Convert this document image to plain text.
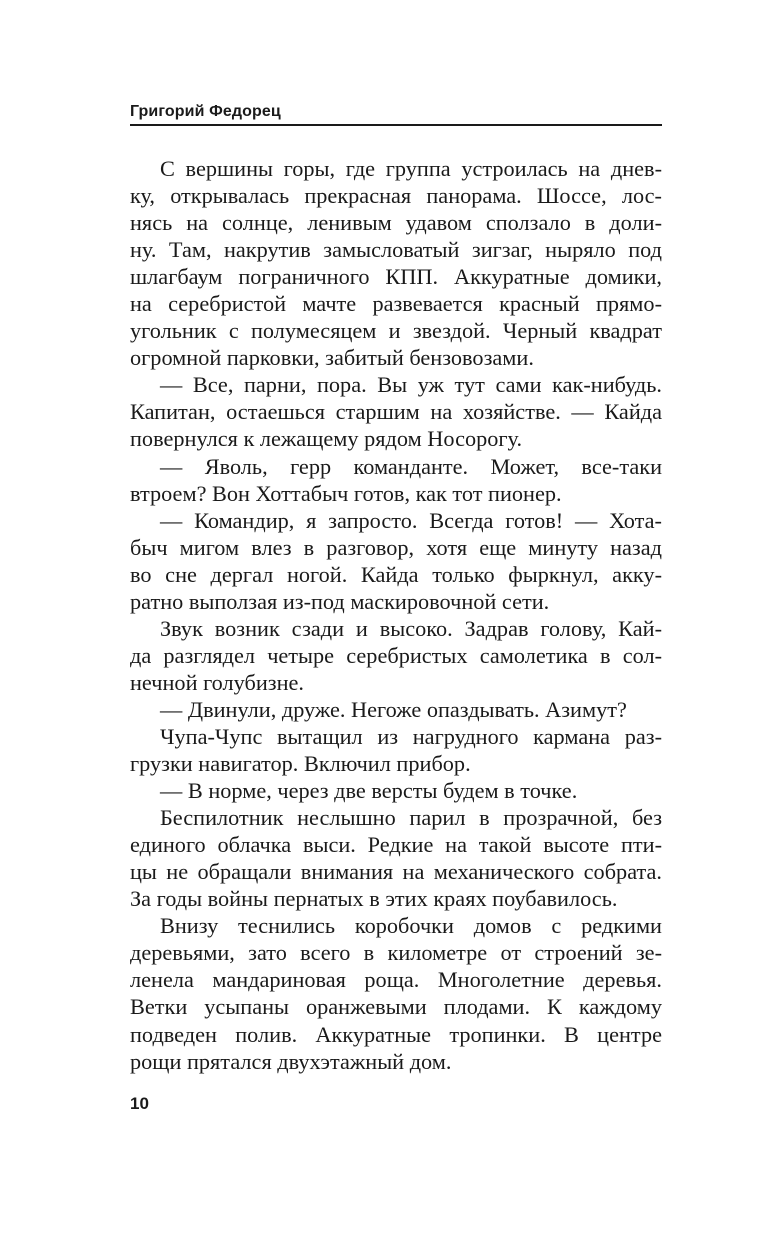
Григорий Федорец
С вершины горы, где группа устроилась на днев-
ку, открывалась прекрасная панорама. Шоссе, лос-
нясь на солнце, ленивым удавом сползало в доли-
ну. Там, накрутив замысловатый зигзаг, ныряло под
шлагбаум пограничного КПП. Аккуратные домики,
на серебристой мачте развевается красный прямо-
угольник с полумесяцем и звездой. Черный квадрат
огромной парковки, забитый бензовозами.
— Все, парни, пора. Вы уж тут сами как-нибудь.
Капитан, остаешься старшим на хозяйстве. — Кайда
повернулся к лежащему рядом Носорогу.
— Яволь, герр команданте. Может, все-таки
втроем? Вон Хоттабыч готов, как тот пионер.
— Командир, я запросто. Всегда готов! — Хота-
быч мигом влез в разговор, хотя еще минуту назад
во сне дергал ногой. Кайда только фыркнул, акку-
ратно выползая из-под маскировочной сети.
Звук возник сзади и высоко. Задрав голову, Кай-
да разглядел четыре серебристых самолетика в сол-
нечной голубизне.
— Двинули, друже. Негоже опаздывать. Азимут?
Чупа-Чупс вытащил из нагрудного кармана раз-
грузки навигатор. Включил прибор.
— В норме, через две версты будем в точке.
Беспилотник неслышно парил в прозрачной, без
единого облачка выси. Редкие на такой высоте пти-
цы не обращали внимания на механического собрата.
За годы войны пернатых в этих краях поубавилось.
Внизу теснились коробочки домов с редкими
деревьями, зато всего в километре от строений зе-
ленела мандариновая роща. Многолетние деревья.
Ветки усыпаны оранжевыми плодами. К каждому
подведен полив. Аккуратные тропинки. В центре
рощи прятался двухэтажный дом.
10
